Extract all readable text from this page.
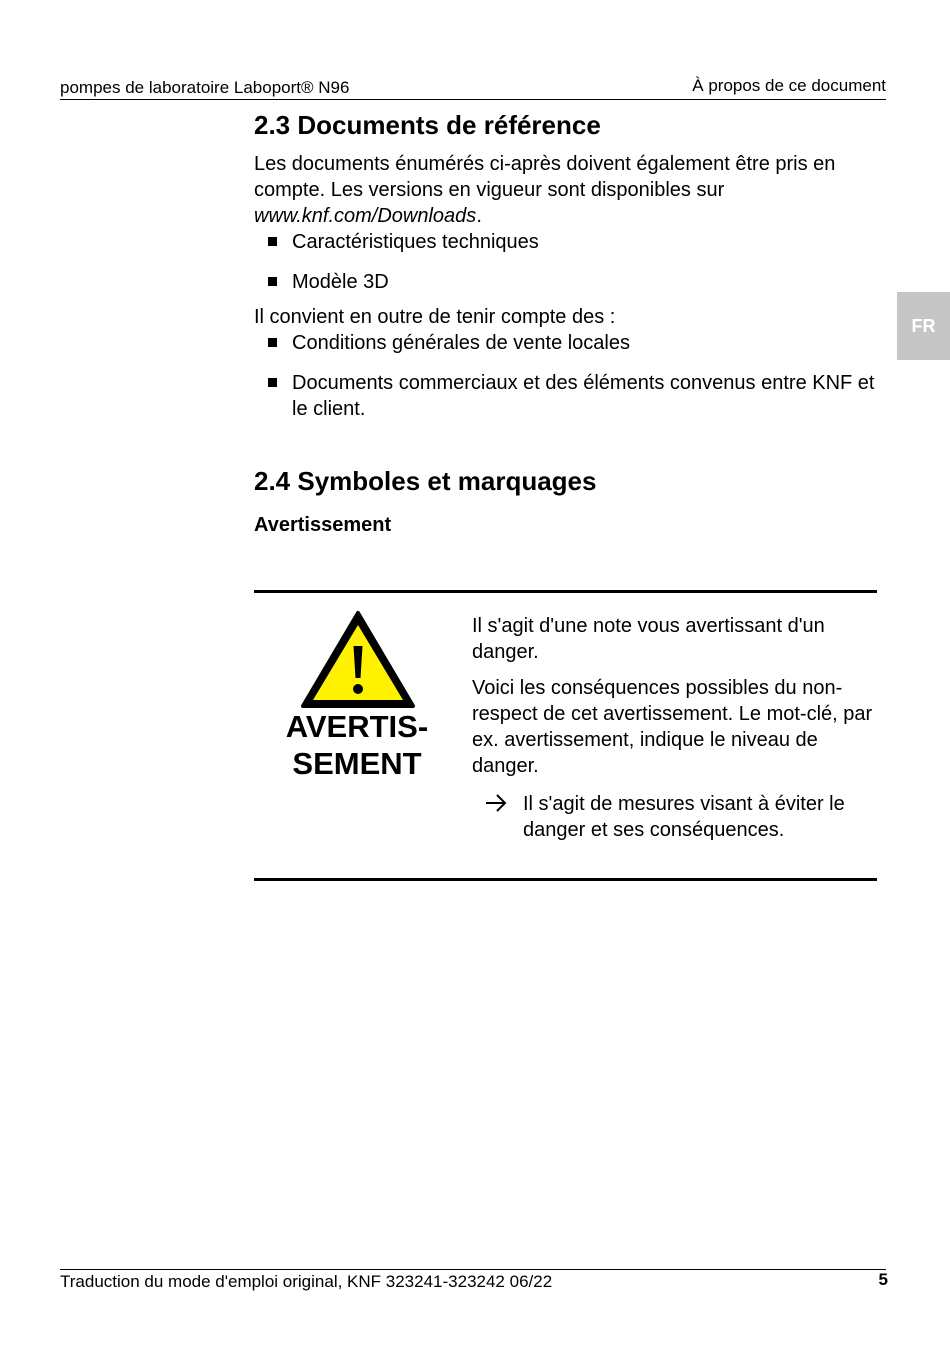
pompes de laboratoire Laboport® N96	À propos de ce document
FR
2.3 Documents de référence

Les documents énumérés ci-après doivent également être pris en compte. Les versions en vigueur sont disponibles sur www.knf.com/Downloads.

Caractéristiques techniques
Modèle 3D

Il convient en outre de tenir compte des :

Conditions générales de vente locales
Documents commerciaux et des éléments convenus entre KNF et le client.
2.4 Symboles et marquages
Avertissement
AVERTIS-
SEMENT

Il s'agit d'une note vous avertissant d'un danger.

Voici les conséquences possibles du non-respect de cet avertissement. Le mot-clé, par ex. avertissement, indique le niveau de danger.

Il s'agit de mesures visant à éviter le danger et ses conséquences.

Traduction du mode d'emploi original, KNF 323241-323242 06/22	5
